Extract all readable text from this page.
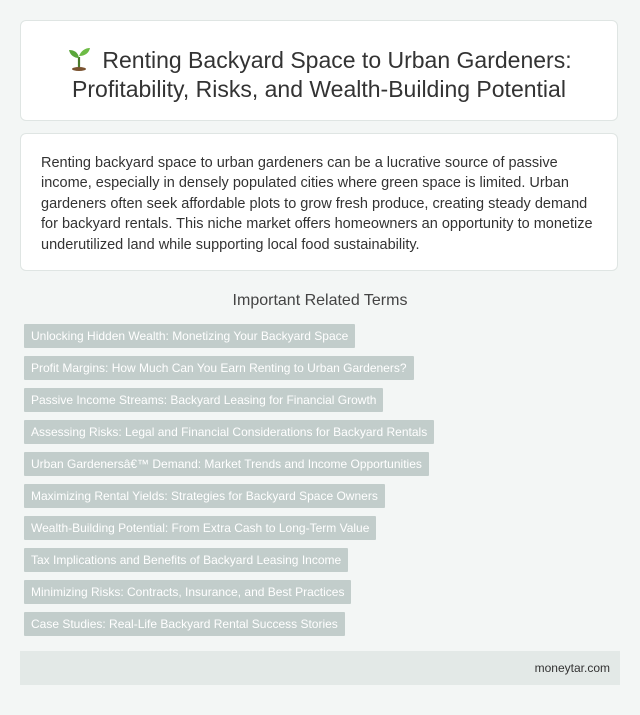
Renting Backyard Space to Urban Gardeners:
Profitability, Risks, and Wealth-Building Potential

Renting backyard space to urban gardeners can be a lucrative source of passive income, especially in densely populated cities where green space is limited. Urban gardeners often seek affordable plots to grow fresh produce, creating steady demand for backyard rentals. This niche market offers homeowners an opportunity to monetize underutilized land while supporting local food sustainability.

Important Related Terms
Unlocking Hidden Wealth: Monetizing Your Backyard Space
Profit Margins: How Much Can You Earn Renting to Urban Gardeners?
Passive Income Streams: Backyard Leasing for Financial Growth
Assessing Risks: Legal and Financial Considerations for Backyard Rentals
Urban Gardenersâ€™ Demand: Market Trends and Income Opportunities
Maximizing Rental Yields: Strategies for Backyard Space Owners
Wealth-Building Potential: From Extra Cash to Long-Term Value
Tax Implications and Benefits of Backyard Leasing Income
Minimizing Risks: Contracts, Insurance, and Best Practices
Case Studies: Real-Life Backyard Rental Success Stories
moneytar.com
